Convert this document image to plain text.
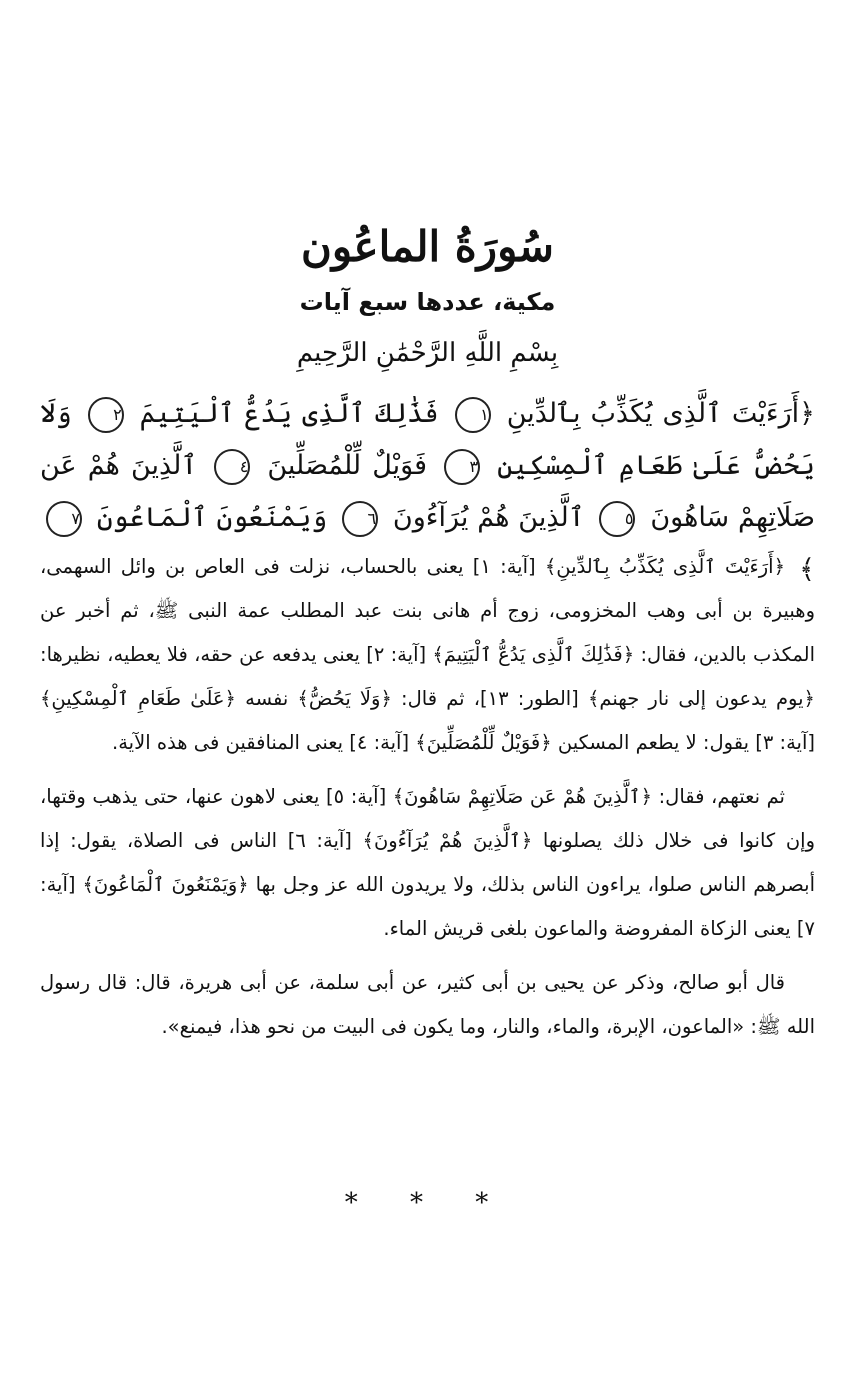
سُورَةُ الماعُون
مكية، عددها سبع آيات
بِسْمِ اللَّهِ الرَّحْمَٰنِ الرَّحِيمِ
﴿أَرَءَيْتَ ٱلَّذِى يُكَذِّبُ بِٱلدِّينِ ١ فَذَٰلِكَ ٱلَّذِى يَدُعُّ ٱلْيَتِيمَ ٢ وَلَا يَحُضُّ عَلَىٰ طَعَامِ ٱلْمِسْكِينِ ٣ فَوَيْلٌ لِّلْمُصَلِّينَ ٤ ٱلَّذِينَ هُمْ عَن صَلَاتِهِمْ سَاهُونَ ٥ ٱلَّذِينَ هُمْ يُرَآءُونَ ٦ وَيَمْنَعُونَ ٱلْمَاعُونَ ٧ ﴾

﴿أَرَءَيْتَ ٱلَّذِى يُكَذِّبُ بِٱلدِّينِ﴾ [آية: ١] يعنى بالحساب، نزلت فى العاص بن وائل السهمى، وهبيرة بن أبى وهب المخزومى، زوج أم هانى بنت عبد المطلب عمة النبى ﷺ، ثم أخبر عن المكذب بالدين، فقال: ﴿فَذَٰلِكَ ٱلَّذِى يَدُعُّ ٱلْيَتِيمَ﴾ [آية: ٢] يعنى يدفعه عن حقه، فلا يعطيه، نظيرها: ﴿يوم يدعون إلى نار جهنم﴾ [الطور: ١٣]، ثم قال: ﴿وَلَا يَحُضُّ﴾ نفسه ﴿عَلَىٰ طَعَامِ ٱلْمِسْكِينِ﴾ [آية: ٣] يقول: لا يطعم المسكين ﴿فَوَيْلٌ لِّلْمُصَلِّينَ﴾ [آية: ٤] يعنى المنافقين فى هذه الآية.

ثم نعتهم، فقال: ﴿ٱلَّذِينَ هُمْ عَن صَلَاتِهِمْ سَاهُونَ﴾ [آية: ٥] يعنى لاهون عنها، حتى يذهب وقتها، وإن كانوا فى خلال ذلك يصلونها ﴿ٱلَّذِينَ هُمْ يُرَآءُونَ﴾ [آية: ٦] الناس فى الصلاة، يقول: إذا أبصرهم الناس صلوا، يراءون الناس بذلك، ولا يريدون الله عز وجل بها ﴿وَيَمْنَعُونَ ٱلْمَاعُونَ﴾ [آية: ٧] يعنى الزكاة المفروضة والماعون بلغى قريش الماء.

قال أبو صالح، وذكر عن يحيى بن أبى كثير، عن أبى سلمة، عن أبى هريرة، قال: قال رسول الله ﷺ: «الماعون، الإبرة، والماء، والنار، وما يكون فى البيت من نحو هذا، فيمنع».

* * *
